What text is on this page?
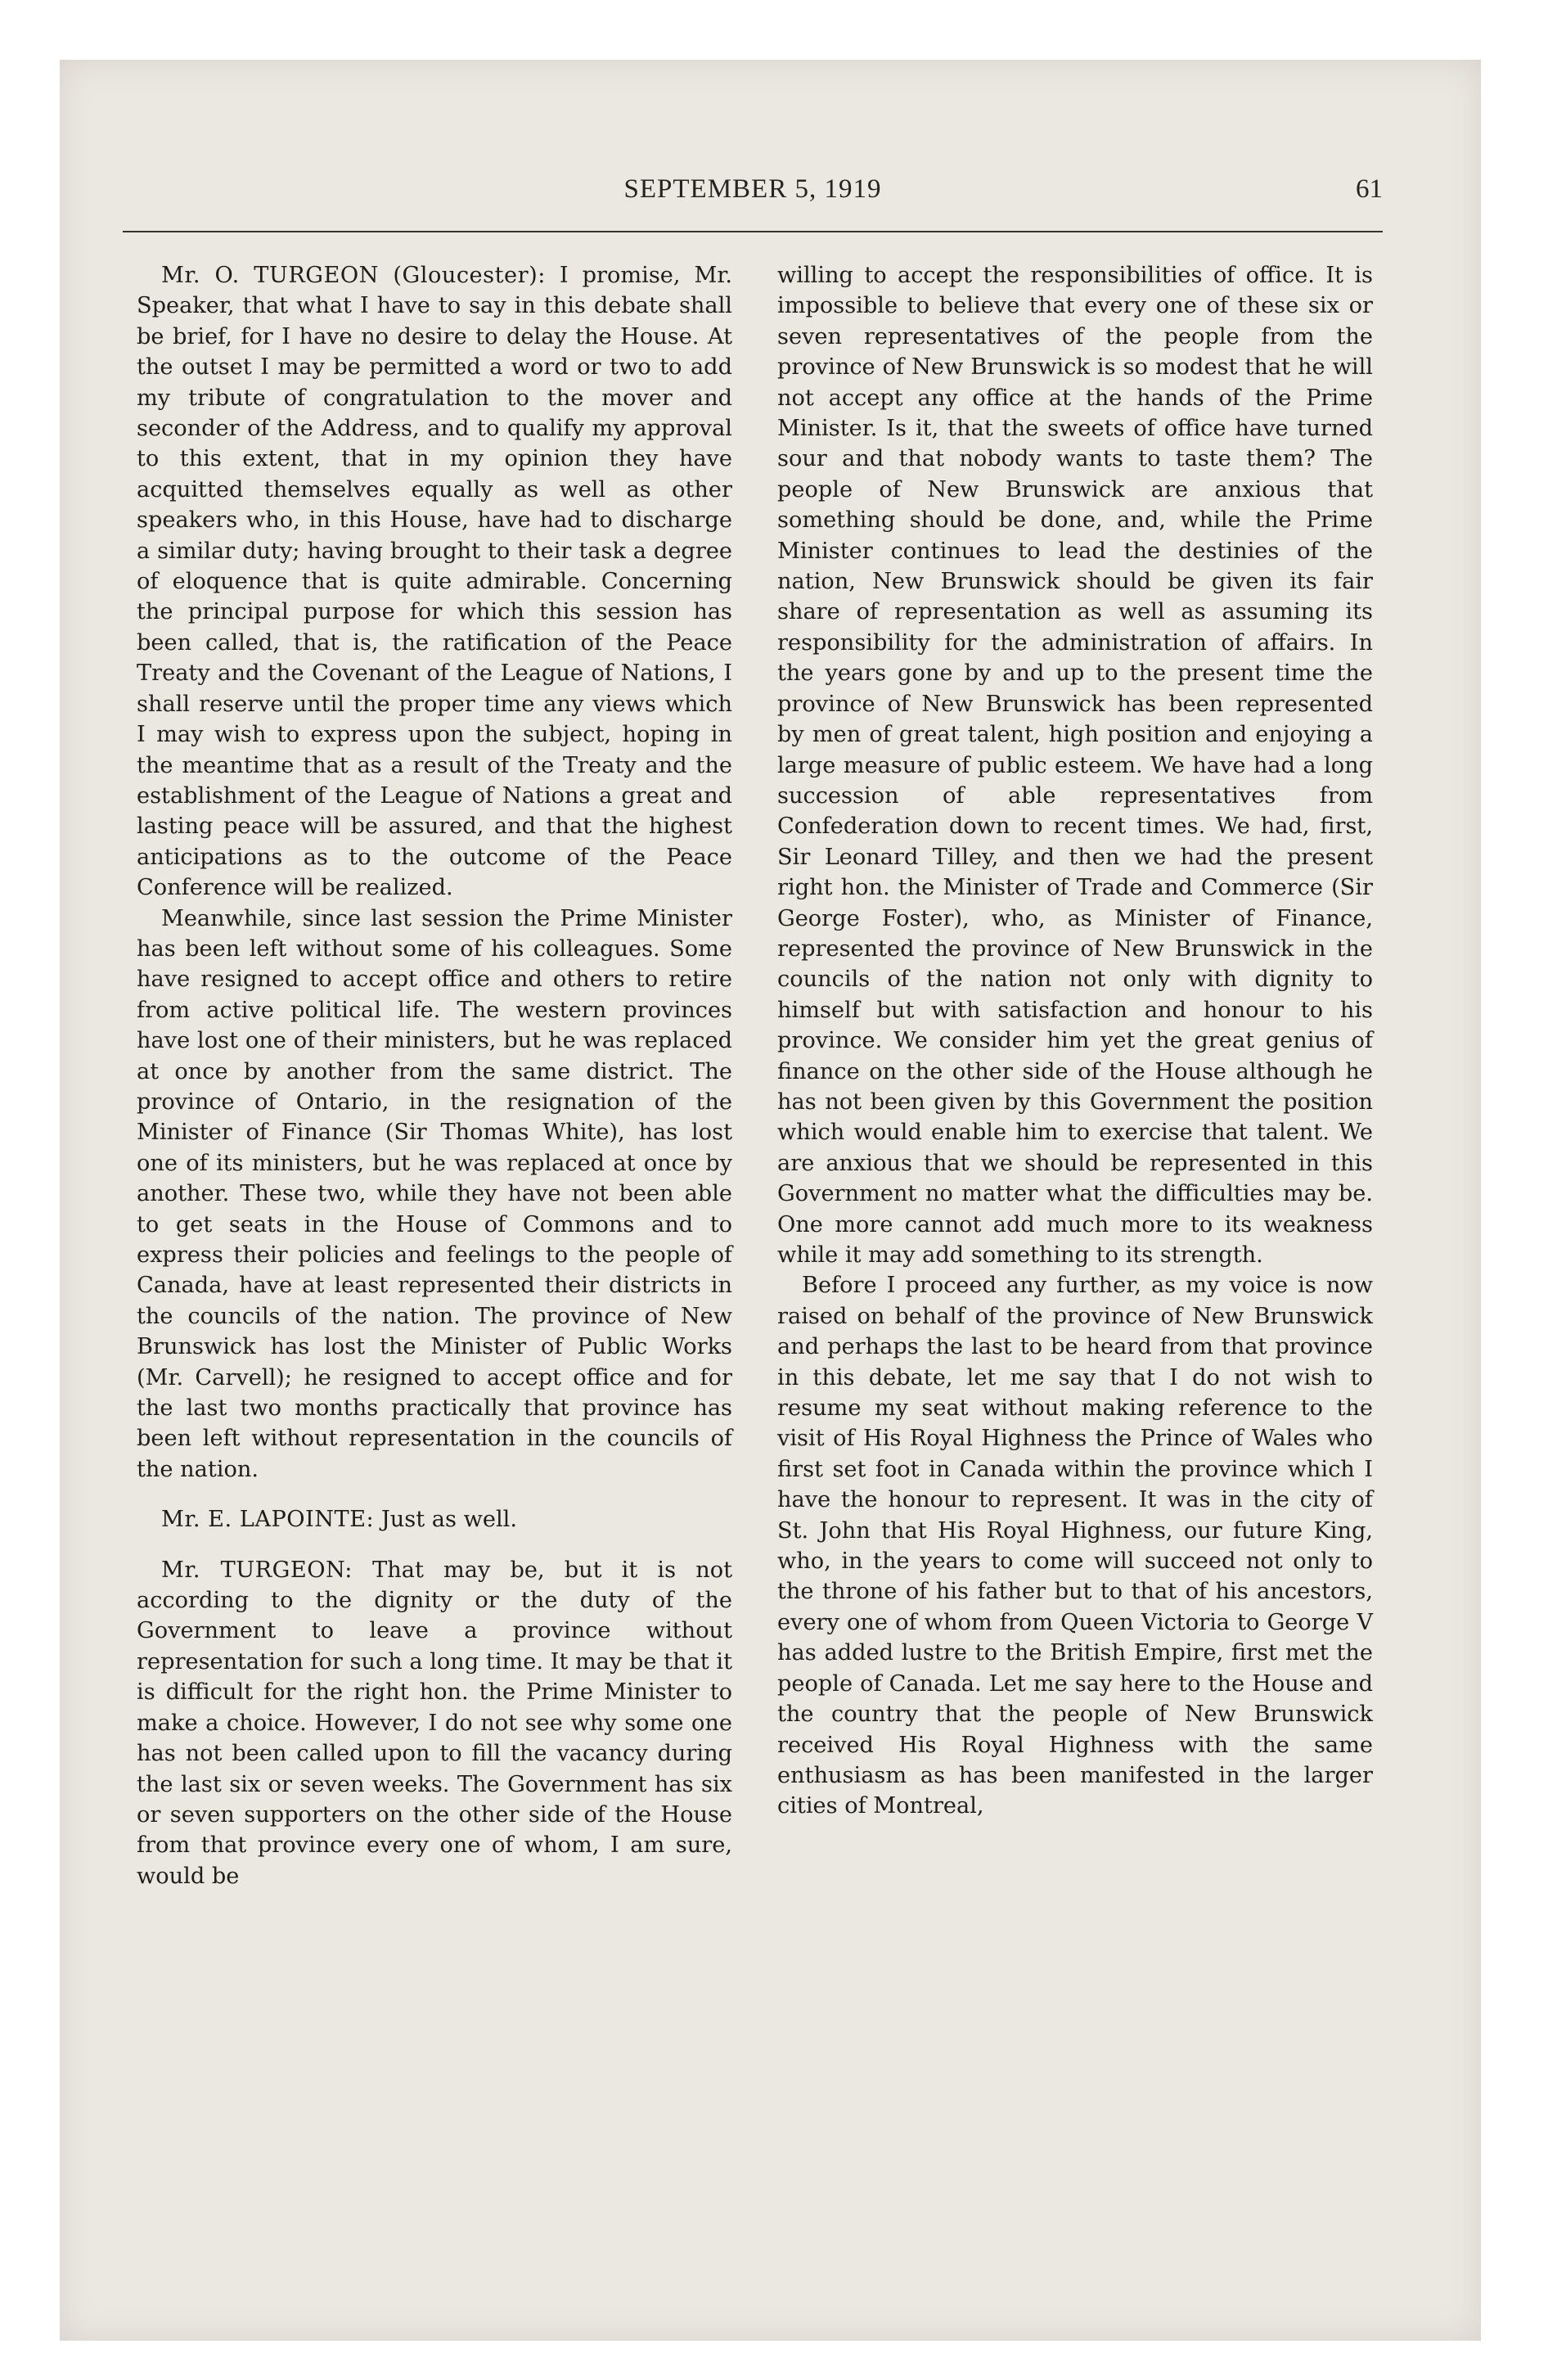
SEPTEMBER 5, 1919	61

Mr. O. TURGEON (Gloucester): I promise, Mr. Speaker, that what I have to say in this debate shall be brief, for I have no desire to delay the House. At the outset I may be permitted a word or two to add my tribute of congratulation to the mover and seconder of the Address, and to qualify my approval to this extent, that in my opinion they have acquitted themselves equally as well as other speakers who, in this House, have had to discharge a similar duty; having brought to their task a degree of eloquence that is quite admirable. Concerning the principal purpose for which this session has been called, that is, the ratification of the Peace Treaty and the Covenant of the League of Nations, I shall reserve until the proper time any views which I may wish to express upon the subject, hoping in the meantime that as a result of the Treaty and the establishment of the League of Nations a great and lasting peace will be assured, and that the highest anticipations as to the outcome of the Peace Conference will be realized.

Meanwhile, since last session the Prime Minister has been left without some of his colleagues. Some have resigned to accept office and others to retire from active political life. The western provinces have lost one of their ministers, but he was replaced at once by another from the same district. The province of Ontario, in the resignation of the Minister of Finance (Sir Thomas White), has lost one of its ministers, but he was replaced at once by another. These two, while they have not been able to get seats in the House of Commons and to express their policies and feelings to the people of Canada, have at least represented their districts in the councils of the nation. The province of New Brunswick has lost the Minister of Public Works (Mr. Carvell); he resigned to accept office and for the last two months practically that province has been left without representation in the councils of the nation.

Mr. E. LAPOINTE: Just as well.

Mr. TURGEON: That may be, but it is not according to the dignity or the duty of the Government to leave a province without representation for such a long time. It may be that it is difficult for the right hon. the Prime Minister to make a choice. However, I do not see why some one has not been called upon to fill the vacancy during the last six or seven weeks. The Government has six or seven supporters on the other side of the House from that province every one of whom, I am sure, would be

willing to accept the responsibilities of office. It is impossible to believe that every one of these six or seven representatives of the people from the province of New Brunswick is so modest that he will not accept any office at the hands of the Prime Minister. Is it, that the sweets of office have turned sour and that nobody wants to taste them? The people of New Brunswick are anxious that something should be done, and, while the Prime Minister continues to lead the destinies of the nation, New Brunswick should be given its fair share of representation as well as assuming its responsibility for the administration of affairs. In the years gone by and up to the present time the province of New Brunswick has been represented by men of great talent, high position and enjoying a large measure of public esteem. We have had a long succession of able representatives from Confederation down to recent times. We had, first, Sir Leonard Tilley, and then we had the present right hon. the Minister of Trade and Commerce (Sir George Foster), who, as Minister of Finance, represented the province of New Brunswick in the councils of the nation not only with dignity to himself but with satisfaction and honour to his province. We consider him yet the great genius of finance on the other side of the House although he has not been given by this Government the position which would enable him to exercise that talent. We are anxious that we should be represented in this Government no matter what the difficulties may be. One more cannot add much more to its weakness while it may add something to its strength.

Before I proceed any further, as my voice is now raised on behalf of the province of New Brunswick and perhaps the last to be heard from that province in this debate, let me say that I do not wish to resume my seat without making reference to the visit of His Royal Highness the Prince of Wales who first set foot in Canada within the province which I have the honour to represent. It was in the city of St. John that His Royal Highness, our future King, who, in the years to come will succeed not only to the throne of his father but to that of his ancestors, every one of whom from Queen Victoria to George V has added lustre to the British Empire, first met the people of Canada. Let me say here to the House and the country that the people of New Brunswick received His Royal Highness with the same enthusiasm as has been manifested in the larger cities of Montreal,
